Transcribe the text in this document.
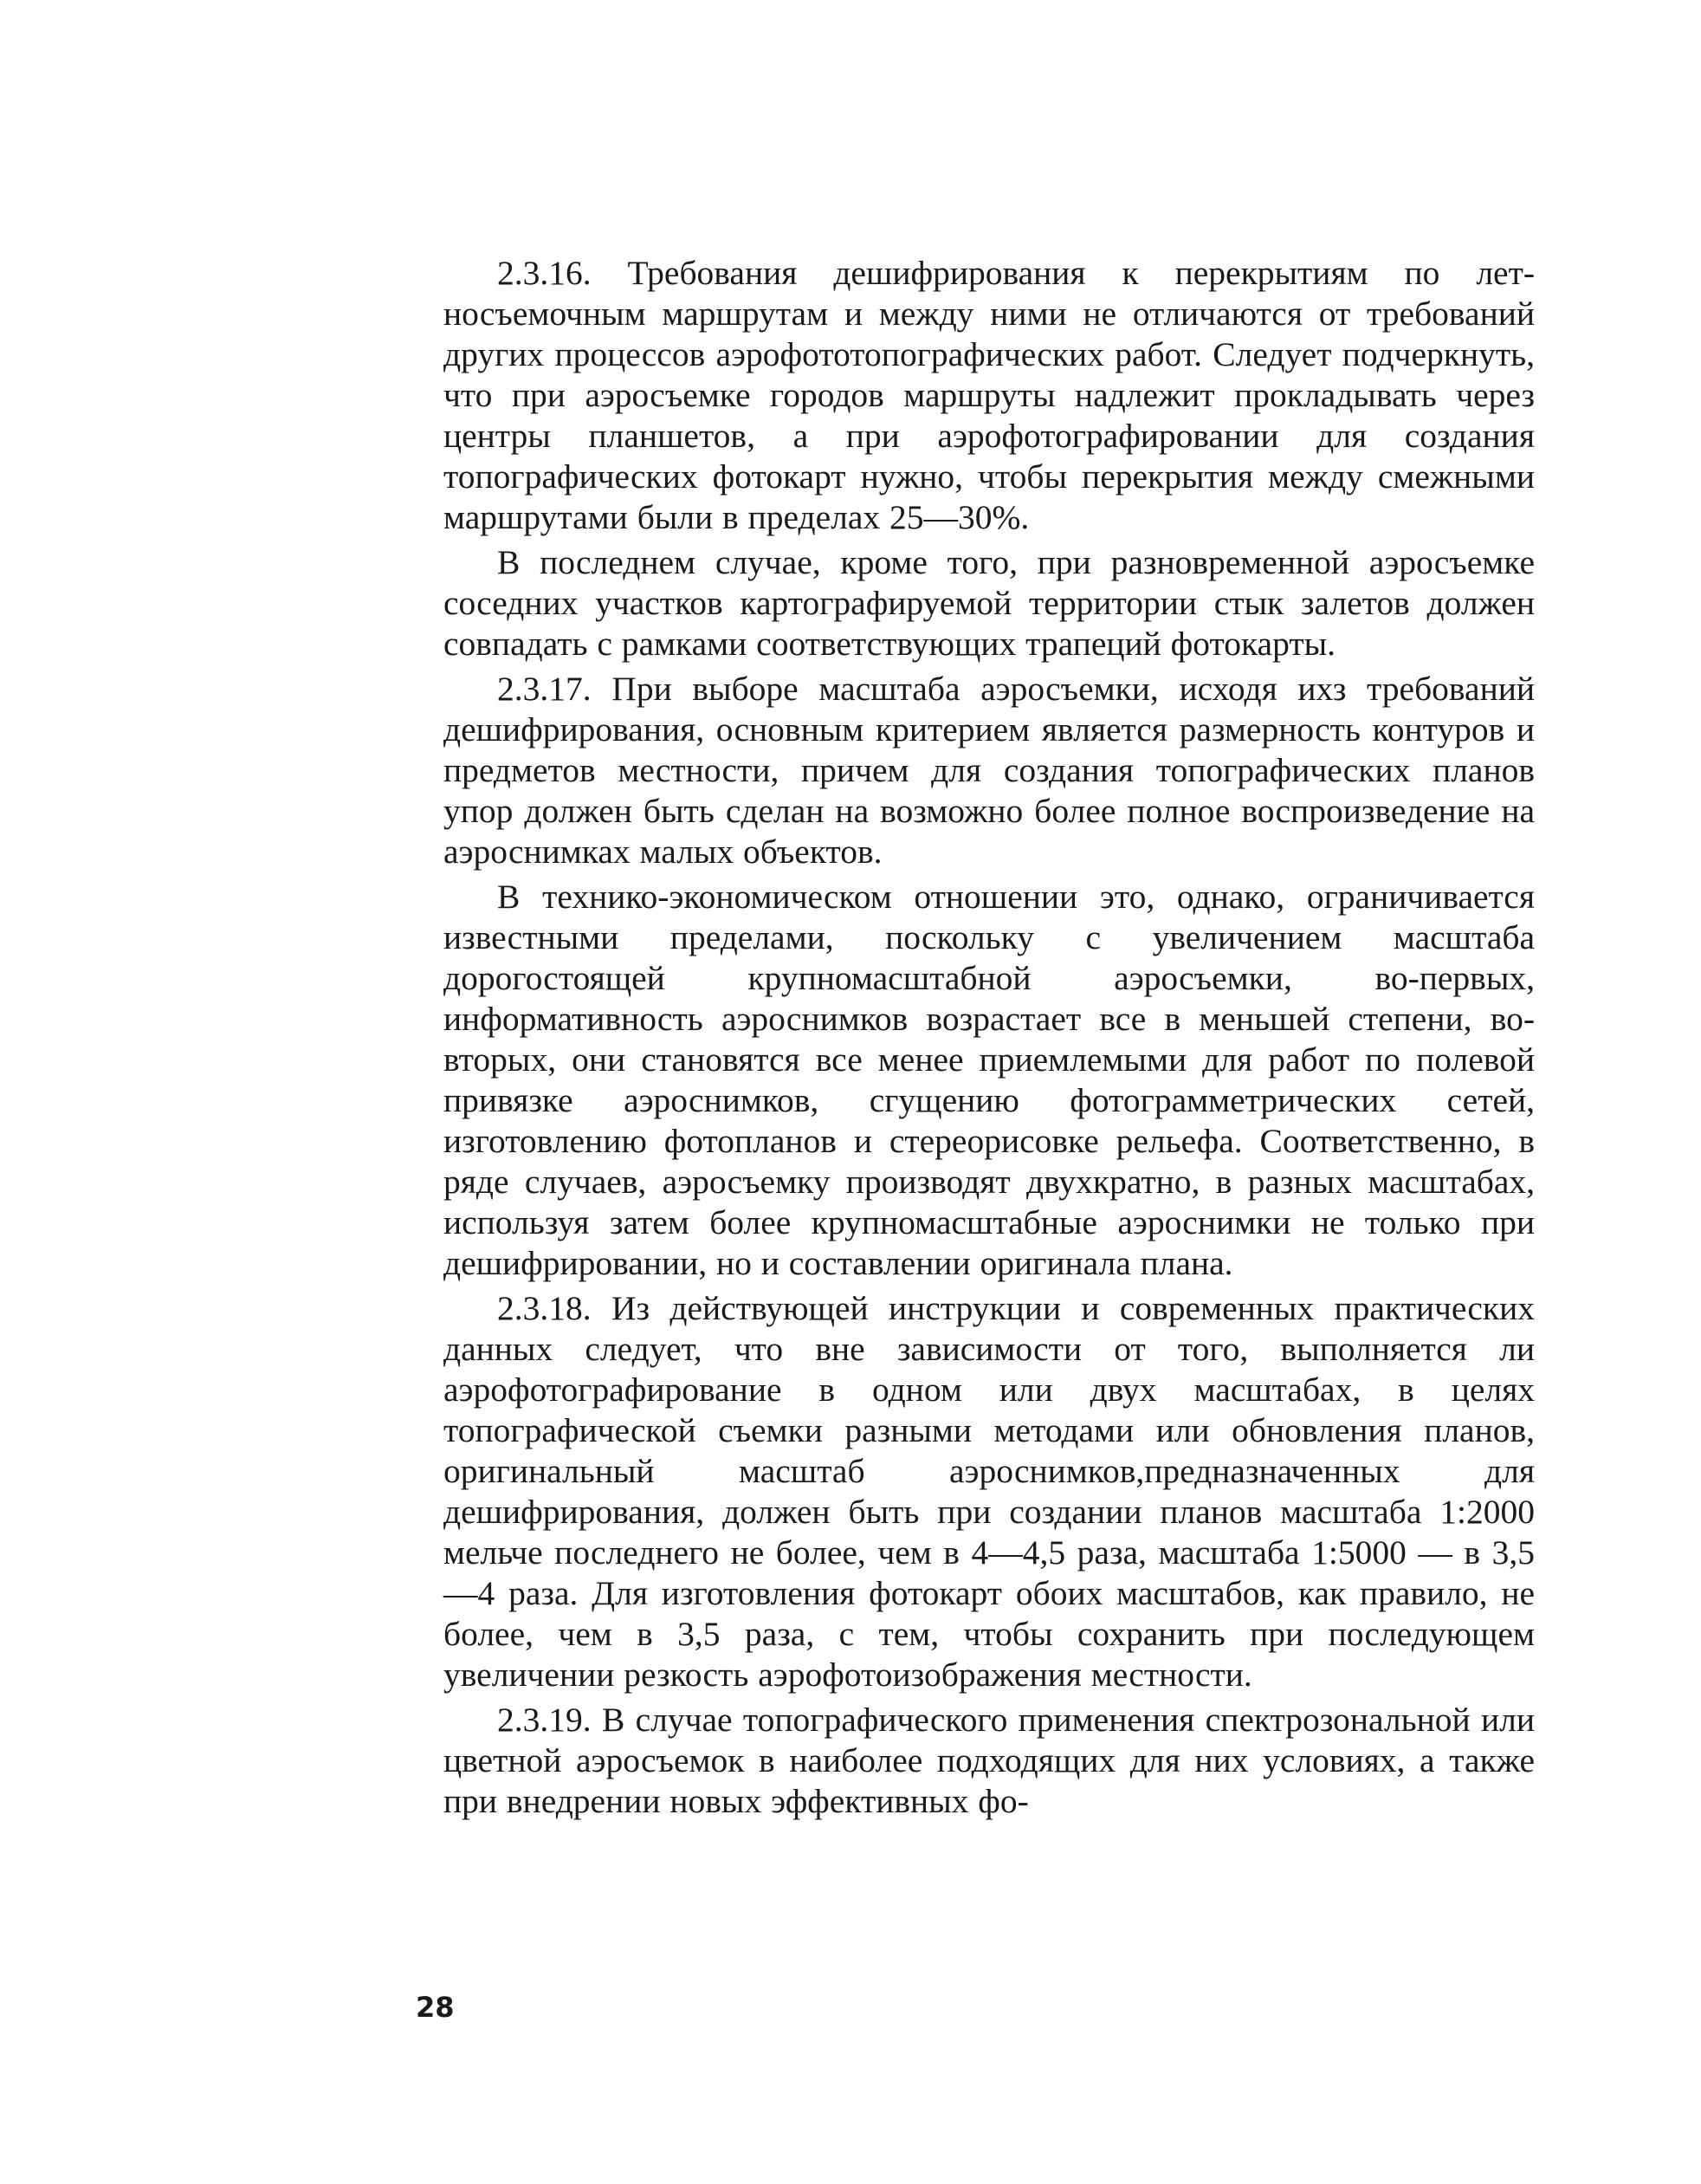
2.3.16. Требования дешифрирования к перекрытиям по летносъемочным маршрутам и между ними не отличаются от требований других процессов аэрофототопографических работ. Следует подчеркнуть, что при аэросъемке городов маршруты надлежит прокладывать через центры планшетов, а при аэрофотографировании для создания топографических фотокарт нужно, чтобы перекрытия между смежными маршрутами были в пределах 25—30%.

В последнем случае, кроме того, при разновременной аэросъемке соседних участков картографируемой территории стык залетов должен совпадать с рамками соответствующих трапеций фотокарты.

2.3.17. При выборе масштаба аэросъемки, исходя ихз требований дешифрирования, основным критерием является размерность контуров и предметов местности, причем для создания топографических планов упор должен быть сделан на возможно более полное воспроизведение на аэроснимках малых объектов.

В технико-экономическом отношении это, однако, ограничивается известными пределами, поскольку с увеличением масштаба дорогостоящей крупномасштабной аэросъемки, во-первых, информативность аэроснимков возрастает все в меньшей степени, во-вторых, они становятся все менее приемлемыми для работ по полевой привязке аэроснимков, сгущению фотограмметрических сетей, изготовлению фотопланов и стереорисовке рельефа. Соответственно, в ряде случаев, аэросъемку производят двухкратно, в разных масштабах, используя затем более крупномасштабные аэроснимки не только при дешифрировании, но и составлении оригинала плана.

2.3.18. Из действующей инструкции и современных практических данных следует, что вне зависимости от того, выполняется ли аэрофотографирование в одном или двух масштабах, в целях топографической съемки разными методами или обновления планов, оригинальный масштаб аэроснимков,предназначенных для дешифрирования, должен быть при создании планов масштаба 1:2000 мельче последнего не более, чем в 4—4,5 раза, масштаба 1:5000 — в 3,5—4 раза. Для изготовления фотокарт обоих масштабов, как правило, не более, чем в 3,5 раза, с тем, чтобы сохранить при последующем увеличении резкость аэрофотоизображения местности.

2.3.19. В случае топографического применения спектрозональной или цветной аэросъемок в наиболее подходящих для них условиях, а также при внедрении новых эффективных фо-

28
